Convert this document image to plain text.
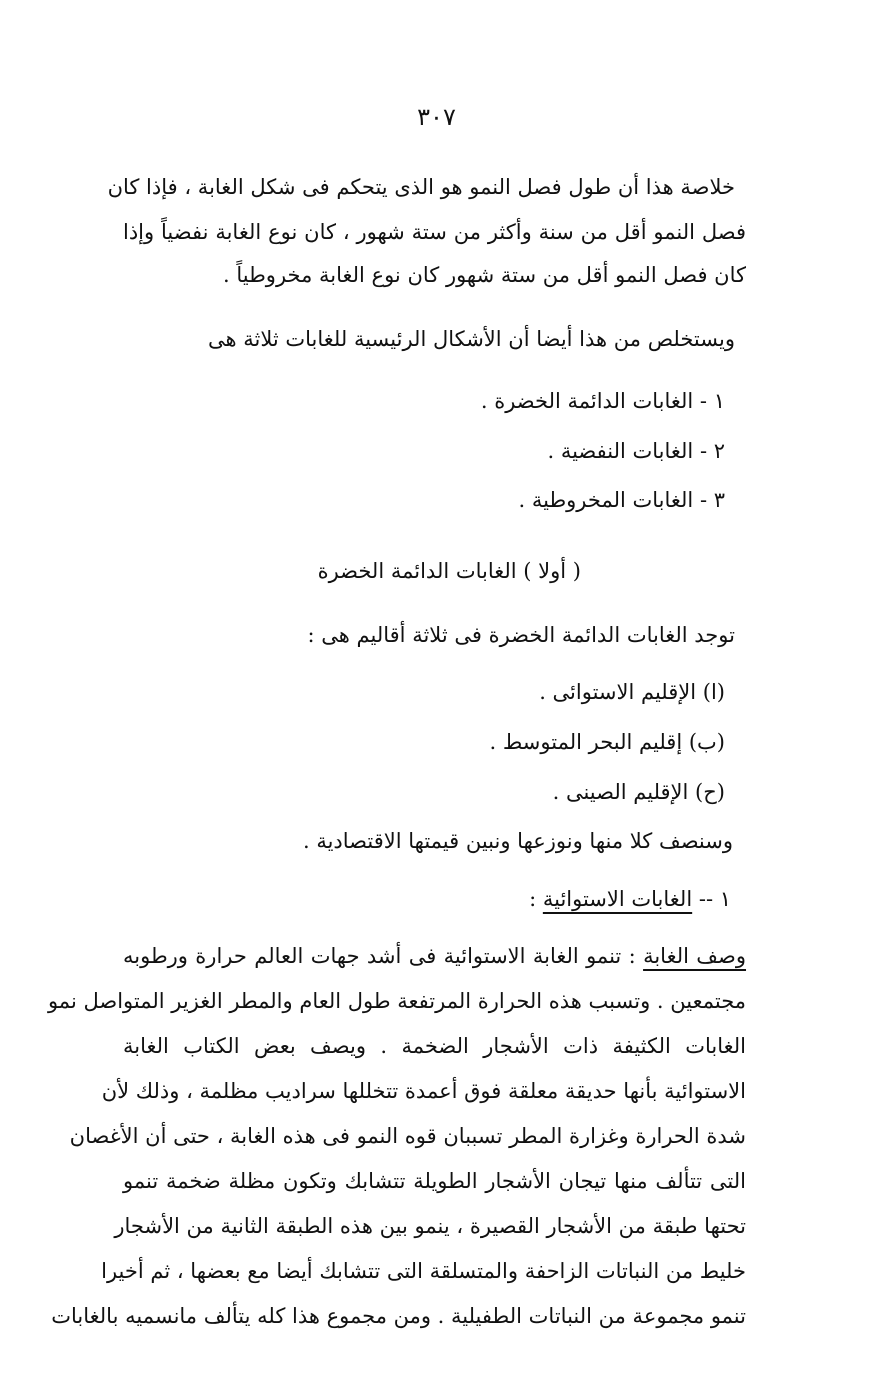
٣٠٧
خلاصة هذا أن طول فصل النمو هو الذى يتحكم فى شكل الغابة ، فإذا كان
فصل النمو أقل من سنة وأكثر من ستة شهور ، كان نوع الغابة نفضياً وإذا
كان فصل النمو أقل من ستة شهور كان نوع الغابة مخروطياً .
ويستخلص من هذا أيضا أن الأشكال الرئيسية للغابات ثلاثة هى
١ - الغابات الدائمة الخضرة .
٢ - الغابات النفضية .
٣ - الغابات المخروطية .
( أولا ) الغابات الدائمة الخضرة
توجد الغابات الدائمة الخضرة فى ثلاثة أقاليم هى :
(ا) الإقليم الاستوائى .
(ب) إقليم البحر المتوسط .
(ح) الإقليم الصينى .
وسنصف كلا منها ونوزعها ونبين قيمتها الاقتصادية .
١ -- الغابات الاستوائية :
وصف الغابة : تنمو الغابة الاستوائية فى أشد جهات العالم حرارة ورطوبه
مجتمعين . وتسبب هذه الحرارة المرتفعة طول العام والمطر الغزير المتواصل نمو
الغابات الكثيفة ذات الأشجار الضخمة . ويصف بعض الكتاب الغابة
الاستوائية بأنها حديقة معلقة فوق أعمدة تتخللها سراديب مظلمة ، وذلك لأن
شدة الحرارة وغزارة المطر تسببان قوه النمو فى هذه الغابة ، حتى أن الأغصان
التى تتألف منها تيجان الأشجار الطويلة تتشابك وتكون مظلة ضخمة تنمو
تحتها طبقة من الأشجار القصيرة ، ينمو بين هذه الطبقة الثانية من الأشجار
خليط من النباتات الزاحفة والمتسلقة التى تتشابك أيضا مع بعضها ، ثم أخيرا
تنمو مجموعة من النباتات الطفيلية . ومن مجموع هذا كله يتألف مانسميه بالغابات
